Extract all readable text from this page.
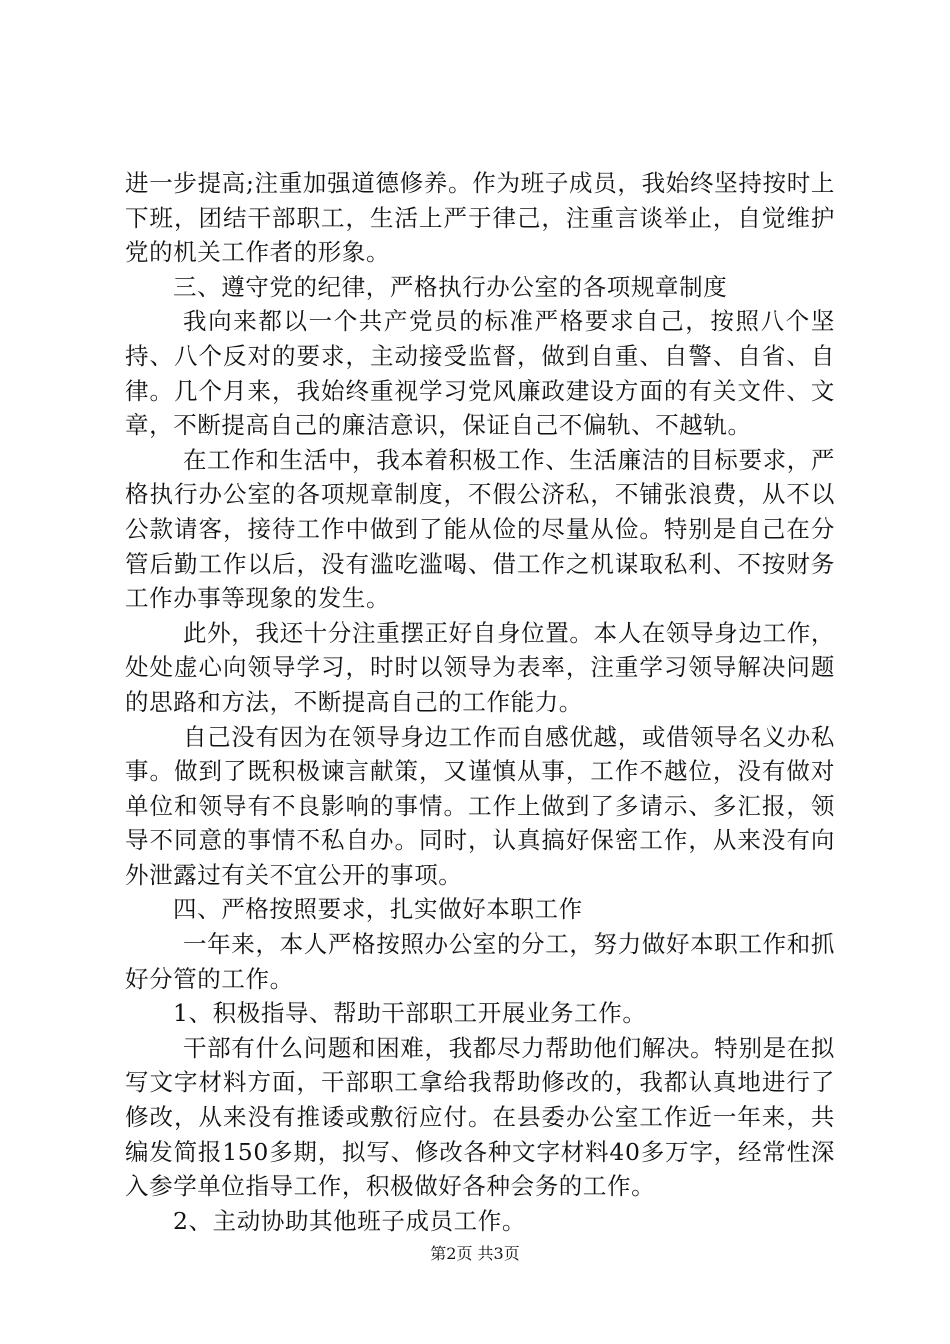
进一步提高;注重加强道德修养。作为班子成员，我始终坚持按时上下班，团结干部职工，生活上严于律己，注重言谈举止，自觉维护党的机关工作者的形象。

三、遵守党的纪律，严格执行办公室的各项规章制度

我向来都以一个共产党员的标准严格要求自己，按照八个坚持、八个反对的要求，主动接受监督，做到自重、自警、自省、自律。几个月来，我始终重视学习党风廉政建设方面的有关文件、文章，不断提高自己的廉洁意识，保证自己不偏轨、不越轨。

在工作和生活中，我本着积极工作、生活廉洁的目标要求，严格执行办公室的各项规章制度，不假公济私，不铺张浪费，从不以公款请客，接待工作中做到了能从俭的尽量从俭。特别是自己在分管后勤工作以后，没有滥吃滥喝、借工作之机谋取私利、不按财务工作办事等现象的发生。

此外，我还十分注重摆正好自身位置。本人在领导身边工作，处处虚心向领导学习，时时以领导为表率，注重学习领导解决问题的思路和方法，不断提高自己的工作能力。

自己没有因为在领导身边工作而自感优越，或借领导名义办私事。做到了既积极谏言献策，又谨慎从事，工作不越位，没有做对单位和领导有不良影响的事情。工作上做到了多请示、多汇报，领导不同意的事情不私自办。同时，认真搞好保密工作，从来没有向外泄露过有关不宜公开的事项。

四、严格按照要求，扎实做好本职工作

一年来，本人严格按照办公室的分工，努力做好本职工作和抓好分管的工作。

1、积极指导、帮助干部职工开展业务工作。

干部有什么问题和困难，我都尽力帮助他们解决。特别是在拟写文字材料方面，干部职工拿给我帮助修改的，我都认真地进行了修改，从来没有推诿或敷衍应付。在县委办公室工作近一年来，共编发简报150多期，拟写、修改各种文字材料40多万字，经常性深入参学单位指导工作，积极做好各种会务的工作。

2、主动协助其他班子成员工作。

第2页 共3页
